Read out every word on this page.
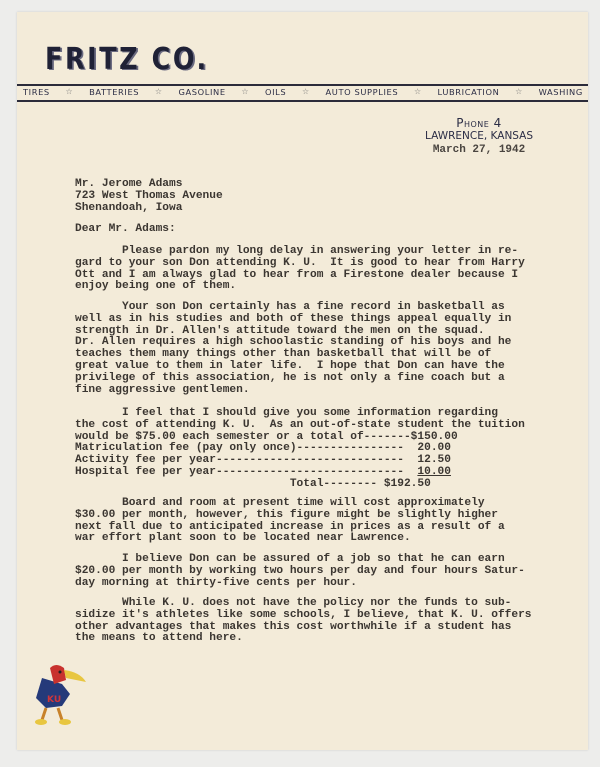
FRITZ CO.
TIRES ☆ BATTERIES ☆ GASOLINE ☆ OILS ☆ AUTO SUPPLIES ☆ LUBRICATION ☆ WASHING
Phone 4
LAWRENCE, KANSAS
March 27, 1942
Mr. Jerome Adams
723 West Thomas Avenue
Shenandoah, Iowa
Dear Mr. Adams:
Please pardon my long delay in answering your letter in re-
gard to your son Don attending K. U.  It is good to hear from Harry
Ott and I am always glad to hear from a Firestone dealer because I
enjoy being one of them.
Your son Don certainly has a fine record in basketball as
well as in his studies and both of these things appeal equally in
strength in Dr. Allen's attitude toward the men on the squad.
Dr. Allen requires a high schoolastic standing of his boys and he
teaches them many things other than basketball that will be of
great value to them in later life.  I hope that Don can have the
privilege of this association, he is not only a fine coach but a
fine aggressive gentlemen.
I feel that I should give you some information regarding
the cost of attending K. U.  As an out-of-state student the tuition
would be $75.00 each semester or a total of-------$150.00
Matriculation fee (pay only once)----------------  20.00
Activity fee per year----------------------------  12.50
Hospital fee per year----------------------------  10.00
Total-------- $192.50
Board and room at present time will cost approximately
$30.00 per month, however, this figure might be slightly higher
next fall due to anticipated increase in prices as a result of a
war effort plant soon to be located near Lawrence.
I believe Don can be assured of a job so that he can earn
$20.00 per month by working two hours per day and four hours Satur-
day morning at thirty-five cents per hour.
While K. U. does not have the policy nor the funds to sub-
sidize it's athletes like some schools, I believe, that K. U. offers
other advantages that makes this cost worthwhile if a student has
the means to attend here.
KU
